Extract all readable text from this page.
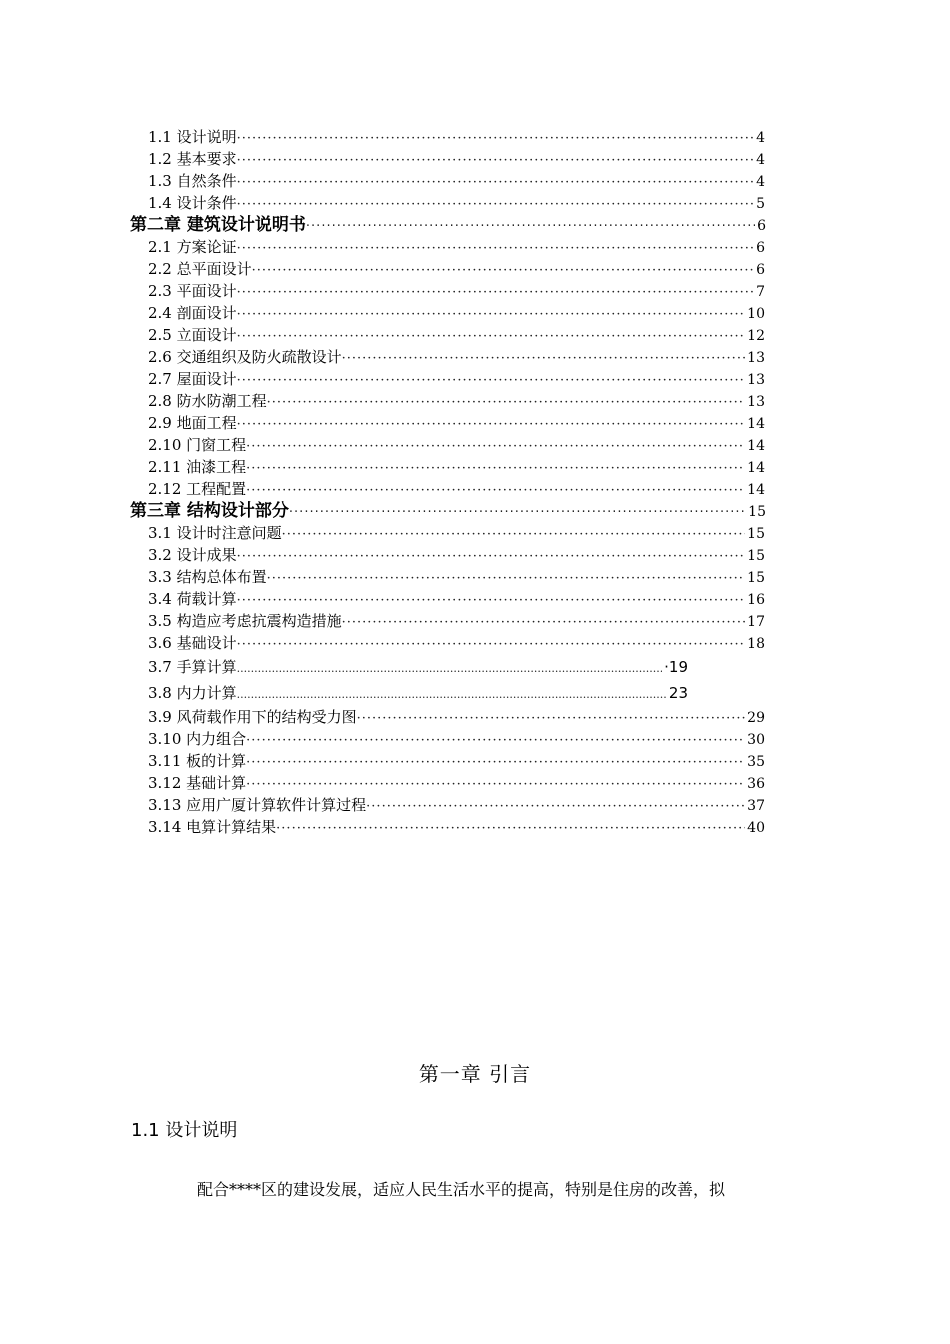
1.1 设计说明 ·····	4
1.2 基本要求 ·····	4
1.3 自然条件 ·····	4
1.4 设计条件 ·····	5
第二章 建筑设计说明书 ·····	6
2.1 方案论证 ·····	6
2.2 总平面设计 ·····	6
2.3 平面设计 ·····	7
2.4 剖面设计 ·····	10
2.5 立面设计 ·····	12
2.6 交通组织及防火疏散设计 ·····	13
2.7 屋面设计 ·····	13
2.8 防水防潮工程 ·····	13
2.9 地面工程 ·····	14
2.10 门窗工程 ·····	14
2.11 油漆工程 ·····	14
2.12 工程配置 ·····	14
第三章 结构设计部分 ·····	15
3.1 设计时注意问题 ·····	15
3.2 设计成果 ·····	15
3.3 结构总体布置 ·····	15
3.4 荷载计算 ·····	16
3.5 构造应考虑抗震构造措施 ·····	17
3.6 基础设计 ·····	18
3.7 手算计算 .....	·19
3.8 内力计算 .....	23
3.9 风荷载作用下的结构受力图 ·····	29
3.10 内力组合 ·····	30
3.11 板的计算 ·····	35
3.12 基础计算 ·····	36
3.13 应用广厦计算软件计算过程 ·····	37
3.14 电算计算结果 ·····	40
第一章 引言
1.1 设计说明
配合****区的建设发展，适应人民生活水平的提高，特别是住房的改善，拟
